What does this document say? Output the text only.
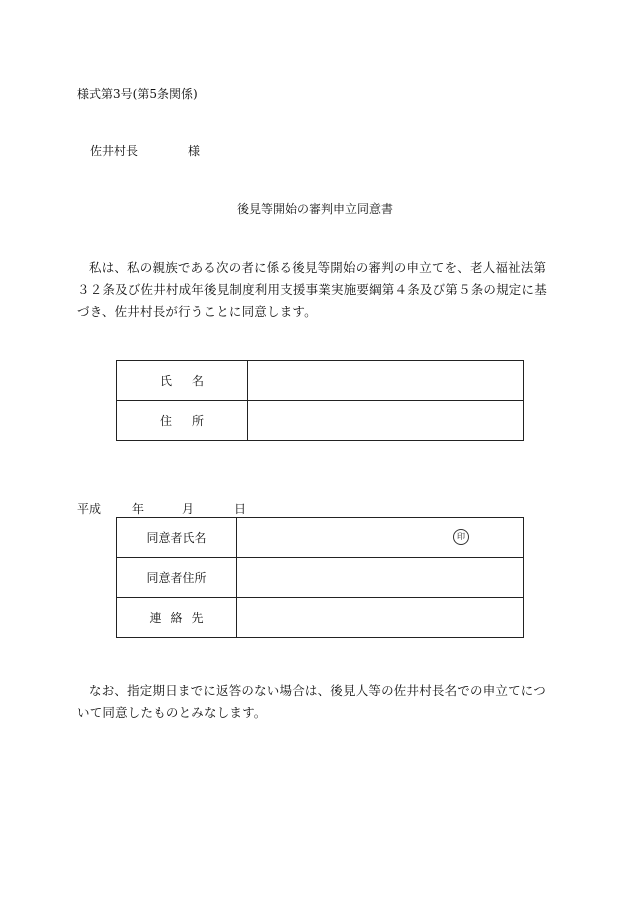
様式第3号(第5条関係)
佐井村長	様
後見等開始の審判申立同意書
私は、私の親族である次の者に係る後見等開始の審判の申立てを、老人福祉法第３２条及び佐井村成年後見制度利用支援事業実施要綱第４条及び第５条の規定に基づき、佐井村長が行うことに同意します。
氏名	
住所	
平成	年	月	日
同意者氏名	印

同意者住所	
連絡先	
なお、指定期日までに返答のない場合は、後見人等の佐井村長名での申立てについて同意したものとみなします。
